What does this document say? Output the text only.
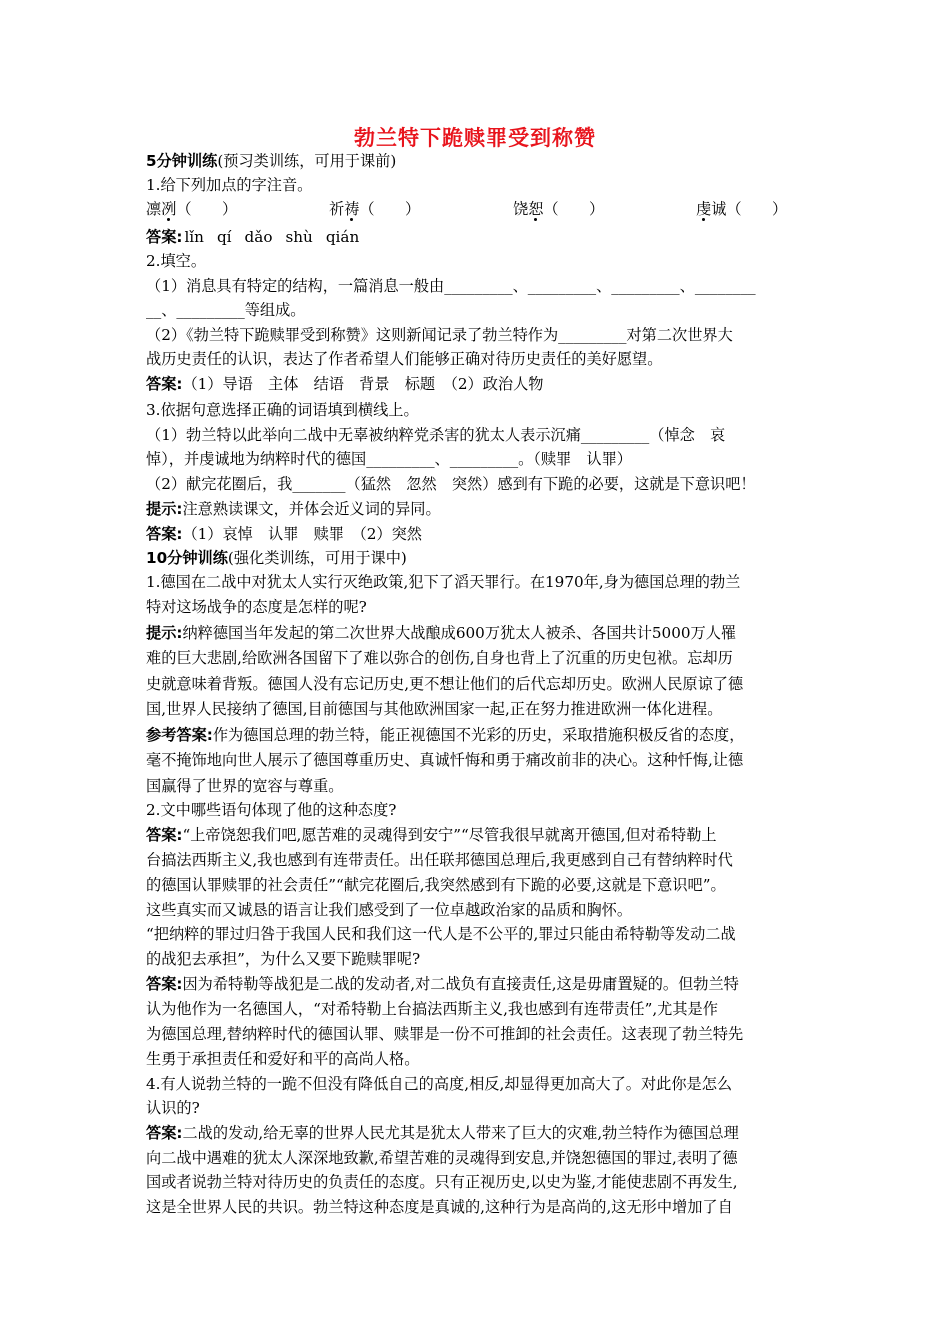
勃兰特下跪赎罪受到称赞
5分钟训练(预习类训练，可用于课前)
1.给下列加点的字注音。
凛冽（　　）	祈祷（　　）	饶恕（　　）	虔诚（　　）
答案: lǐn qí dǎo shù qián
2.填空。
（1）消息具有特定的结构，一篇消息一般由_________、_________、_________、________
__、_________等组成。
（2）《勃兰特下跪赎罪受到称赞》这则新闻记录了勃兰特作为_________对第二次世界大
战历史责任的认识，表达了作者希望人们能够正确对待历史责任的美好愿望。
答案:（1）导语　主体　结语　背景　标题　（2）政治人物
3.依据句意选择正确的词语填到横线上。
（1）勃兰特以此举向二战中无辜被纳粹党杀害的犹太人表示沉痛_________（悼念　哀
悼），并虔诚地为纳粹时代的德国_________、_________。（赎罪　认罪）
（2）献完花圈后，我_______（猛然　忽然　突然）感到有下跪的必要，这就是下意识吧！
提示:注意熟读课文，并体会近义词的异同。
答案:（1）哀悼　认罪　赎罪　（2）突然
10分钟训练(强化类训练，可用于课中)
1.德国在二战中对犹太人实行灭绝政策,犯下了滔天罪行。在1970年,身为德国总理的勃兰
特对这场战争的态度是怎样的呢?
提示:纳粹德国当年发起的第二次世界大战酿成600万犹太人被杀、各国共计5000万人罹
难的巨大悲剧,给欧洲各国留下了难以弥合的创伤,自身也背上了沉重的历史包袱。忘却历
史就意味着背叛。德国人没有忘记历史,更不想让他们的后代忘却历史。欧洲人民原谅了德
国,世界人民接纳了德国,目前德国与其他欧洲国家一起,正在努力推进欧洲一体化进程。
参考答案:作为德国总理的勃兰特，能正视德国不光彩的历史，采取措施积极反省的态度，
毫不掩饰地向世人展示了德国尊重历史、真诚忏悔和勇于痛改前非的决心。这种忏悔,让德
国赢得了世界的宽容与尊重。
2.文中哪些语句体现了他的这种态度?
答案:“上帝饶恕我们吧,愿苦难的灵魂得到安宁”“尽管我很早就离开德国,但对希特勒上
台搞法西斯主义,我也感到有连带责任。出任联邦德国总理后,我更感到自己有替纳粹时代
的德国认罪赎罪的社会责任”“献完花圈后,我突然感到有下跪的必要,这就是下意识吧”。
这些真实而又诚恳的语言让我们感受到了一位卓越政治家的品质和胸怀。
“把纳粹的罪过归咎于我国人民和我们这一代人是不公平的,罪过只能由希特勒等发动二战
的战犯去承担”，为什么又要下跪赎罪呢?
答案:因为希特勒等战犯是二战的发动者,对二战负有直接责任,这是毋庸置疑的。但勃兰特
认为他作为一名德国人，“对希特勒上台搞法西斯主义,我也感到有连带责任”,尤其是作
为德国总理,替纳粹时代的德国认罪、赎罪是一份不可推卸的社会责任。这表现了勃兰特先
生勇于承担责任和爱好和平的高尚人格。
4.有人说勃兰特的一跪不但没有降低自己的高度,相反,却显得更加高大了。对此你是怎么
认识的?
答案:二战的发动,给无辜的世界人民尤其是犹太人带来了巨大的灾难,勃兰特作为德国总理
向二战中遇难的犹太人深深地致歉,希望苦难的灵魂得到安息,并饶恕德国的罪过,表明了德
国或者说勃兰特对待历史的负责任的态度。只有正视历史,以史为鉴,才能使悲剧不再发生,
这是全世界人民的共识。勃兰特这种态度是真诚的,这种行为是高尚的,这无形中增加了自
